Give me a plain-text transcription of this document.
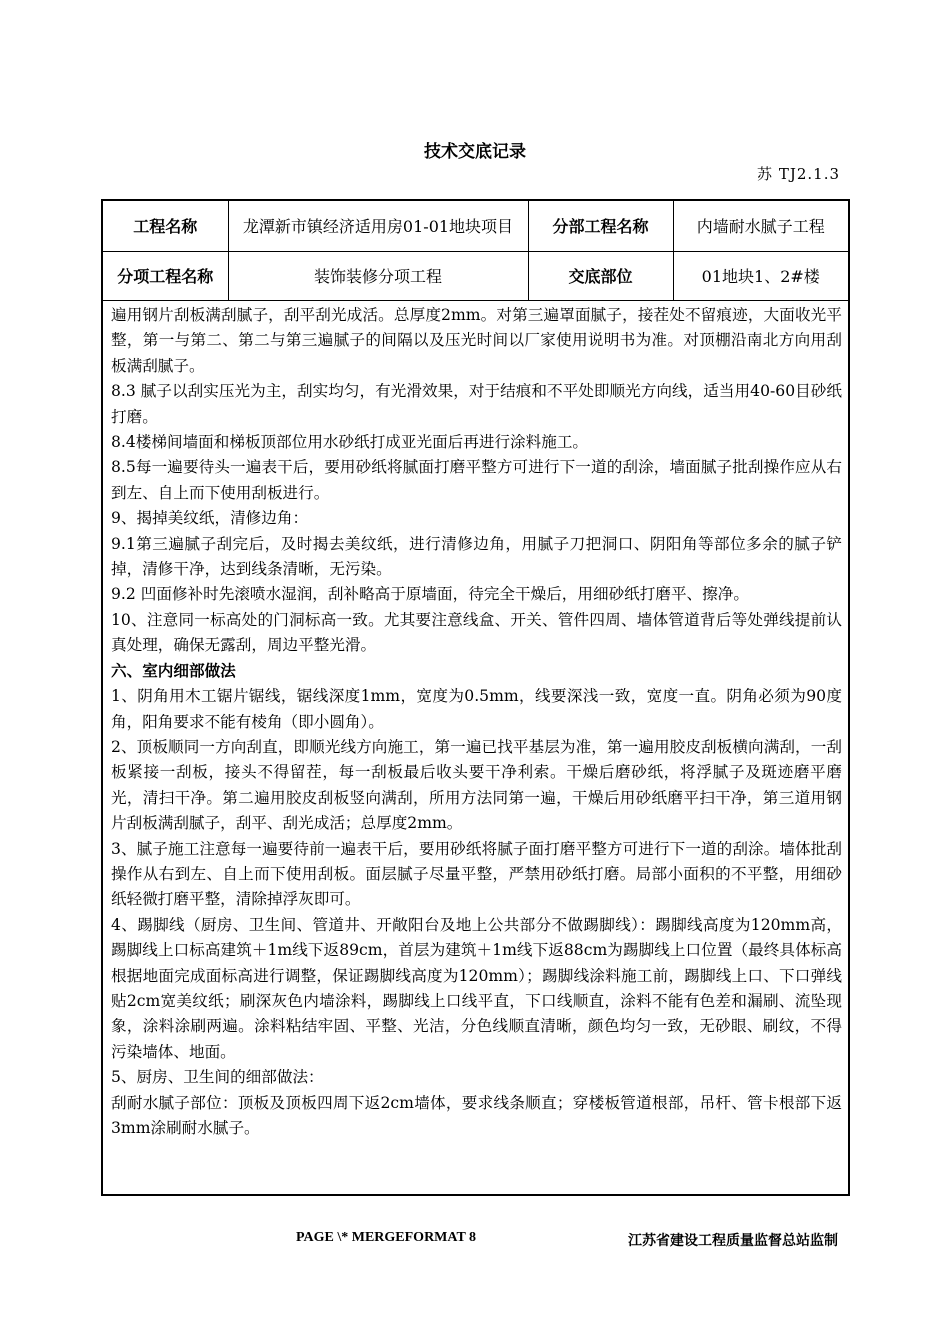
技术交底记录
苏 TJ2.1.3
工程名称	龙潭新市镇经济适用房01-01地块项目	分部工程名称	内墙耐水腻子工程
分项工程名称	装饰装修分项工程	交底部位	01地块1、2#楼

遍用钢片刮板满刮腻子，刮平刮光成活。总厚度2mm。对第三遍罩面腻子，接茬处不留痕迹，大面收光平整，第一与第二、第二与第三遍腻子的间隔以及压光时间以厂家使用说明书为准。对顶棚沿南北方向用刮板满刮腻子。

8.3 腻子以刮实压光为主，刮实均匀，有光滑效果，对于结痕和不平处即顺光方向线，适当用40-60目砂纸打磨。

8.4楼梯间墙面和梯板顶部位用水砂纸打成亚光面后再进行涂料施工。

8.5每一遍要待头一遍表干后，要用砂纸将腻面打磨平整方可进行下一道的刮涂，墙面腻子批刮操作应从右到左、自上而下使用刮板进行。

9、揭掉美纹纸，清修边角：

9.1第三遍腻子刮完后，及时揭去美纹纸，进行清修边角，用腻子刀把洞口、阴阳角等部位多余的腻子铲掉，清修干净，达到线条清晰，无污染。

9.2 凹面修补时先滚喷水湿润，刮补略高于原墙面，待完全干燥后，用细砂纸打磨平、擦净。

10、注意同一标高处的门洞标高一致。尤其要注意线盒、开关、管件四周、墙体管道背后等处弹线提前认真处理，确保无露刮，周边平整光滑。

六、室内细部做法

1、阴角用木工锯片锯线，锯线深度1mm，宽度为0.5mm，线要深浅一致，宽度一直。阴角必须为90度角，阳角要求不能有棱角（即小圆角）。

2、顶板顺同一方向刮直，即顺光线方向施工，第一遍已找平基层为准，第一遍用胶皮刮板横向满刮，一刮板紧接一刮板，接头不得留茬，每一刮板最后收头要干净利索。干燥后磨砂纸，将浮腻子及斑迹磨平磨光，清扫干净。第二遍用胶皮刮板竖向满刮，所用方法同第一遍，干燥后用砂纸磨平扫干净，第三道用钢片刮板满刮腻子，刮平、刮光成活；总厚度2mm。

3、腻子施工注意每一遍要待前一遍表干后，要用砂纸将腻子面打磨平整方可进行下一道的刮涂。墙体批刮操作从右到左、自上而下使用刮板。面层腻子尽量平整，严禁用砂纸打磨。局部小面积的不平整，用细砂纸轻微打磨平整，清除掉浮灰即可。

4、踢脚线（厨房、卫生间、管道井、开敞阳台及地上公共部分不做踢脚线）：踢脚线高度为120mm高，踢脚线上口标高建筑＋1m线下返89cm，首层为建筑＋1m线下返88cm为踢脚线上口位置（最终具体标高根据地面完成面标高进行调整，保证踢脚线高度为120mm）；踢脚线涂料施工前，踢脚线上口、下口弹线贴2cm宽美纹纸；刷深灰色内墙涂料，踢脚线上口线平直，下口线顺直，涂料不能有色差和漏刷、流坠现象，涂料涂刷两遍。涂料粘结牢固、平整、光洁，分色线顺直清晰，颜色均匀一致，无砂眼、刷纹，不得污染墙体、地面。

5、厨房、卫生间的细部做法：

刮耐水腻子部位：顶板及顶板四周下返2cm墙体，要求线条顺直；穿楼板管道根部，吊杆、管卡根部下返3mm涂刷耐水腻子。

PAGE \* MERGEFORMAT 8	江苏省建设工程质量监督总站监制
